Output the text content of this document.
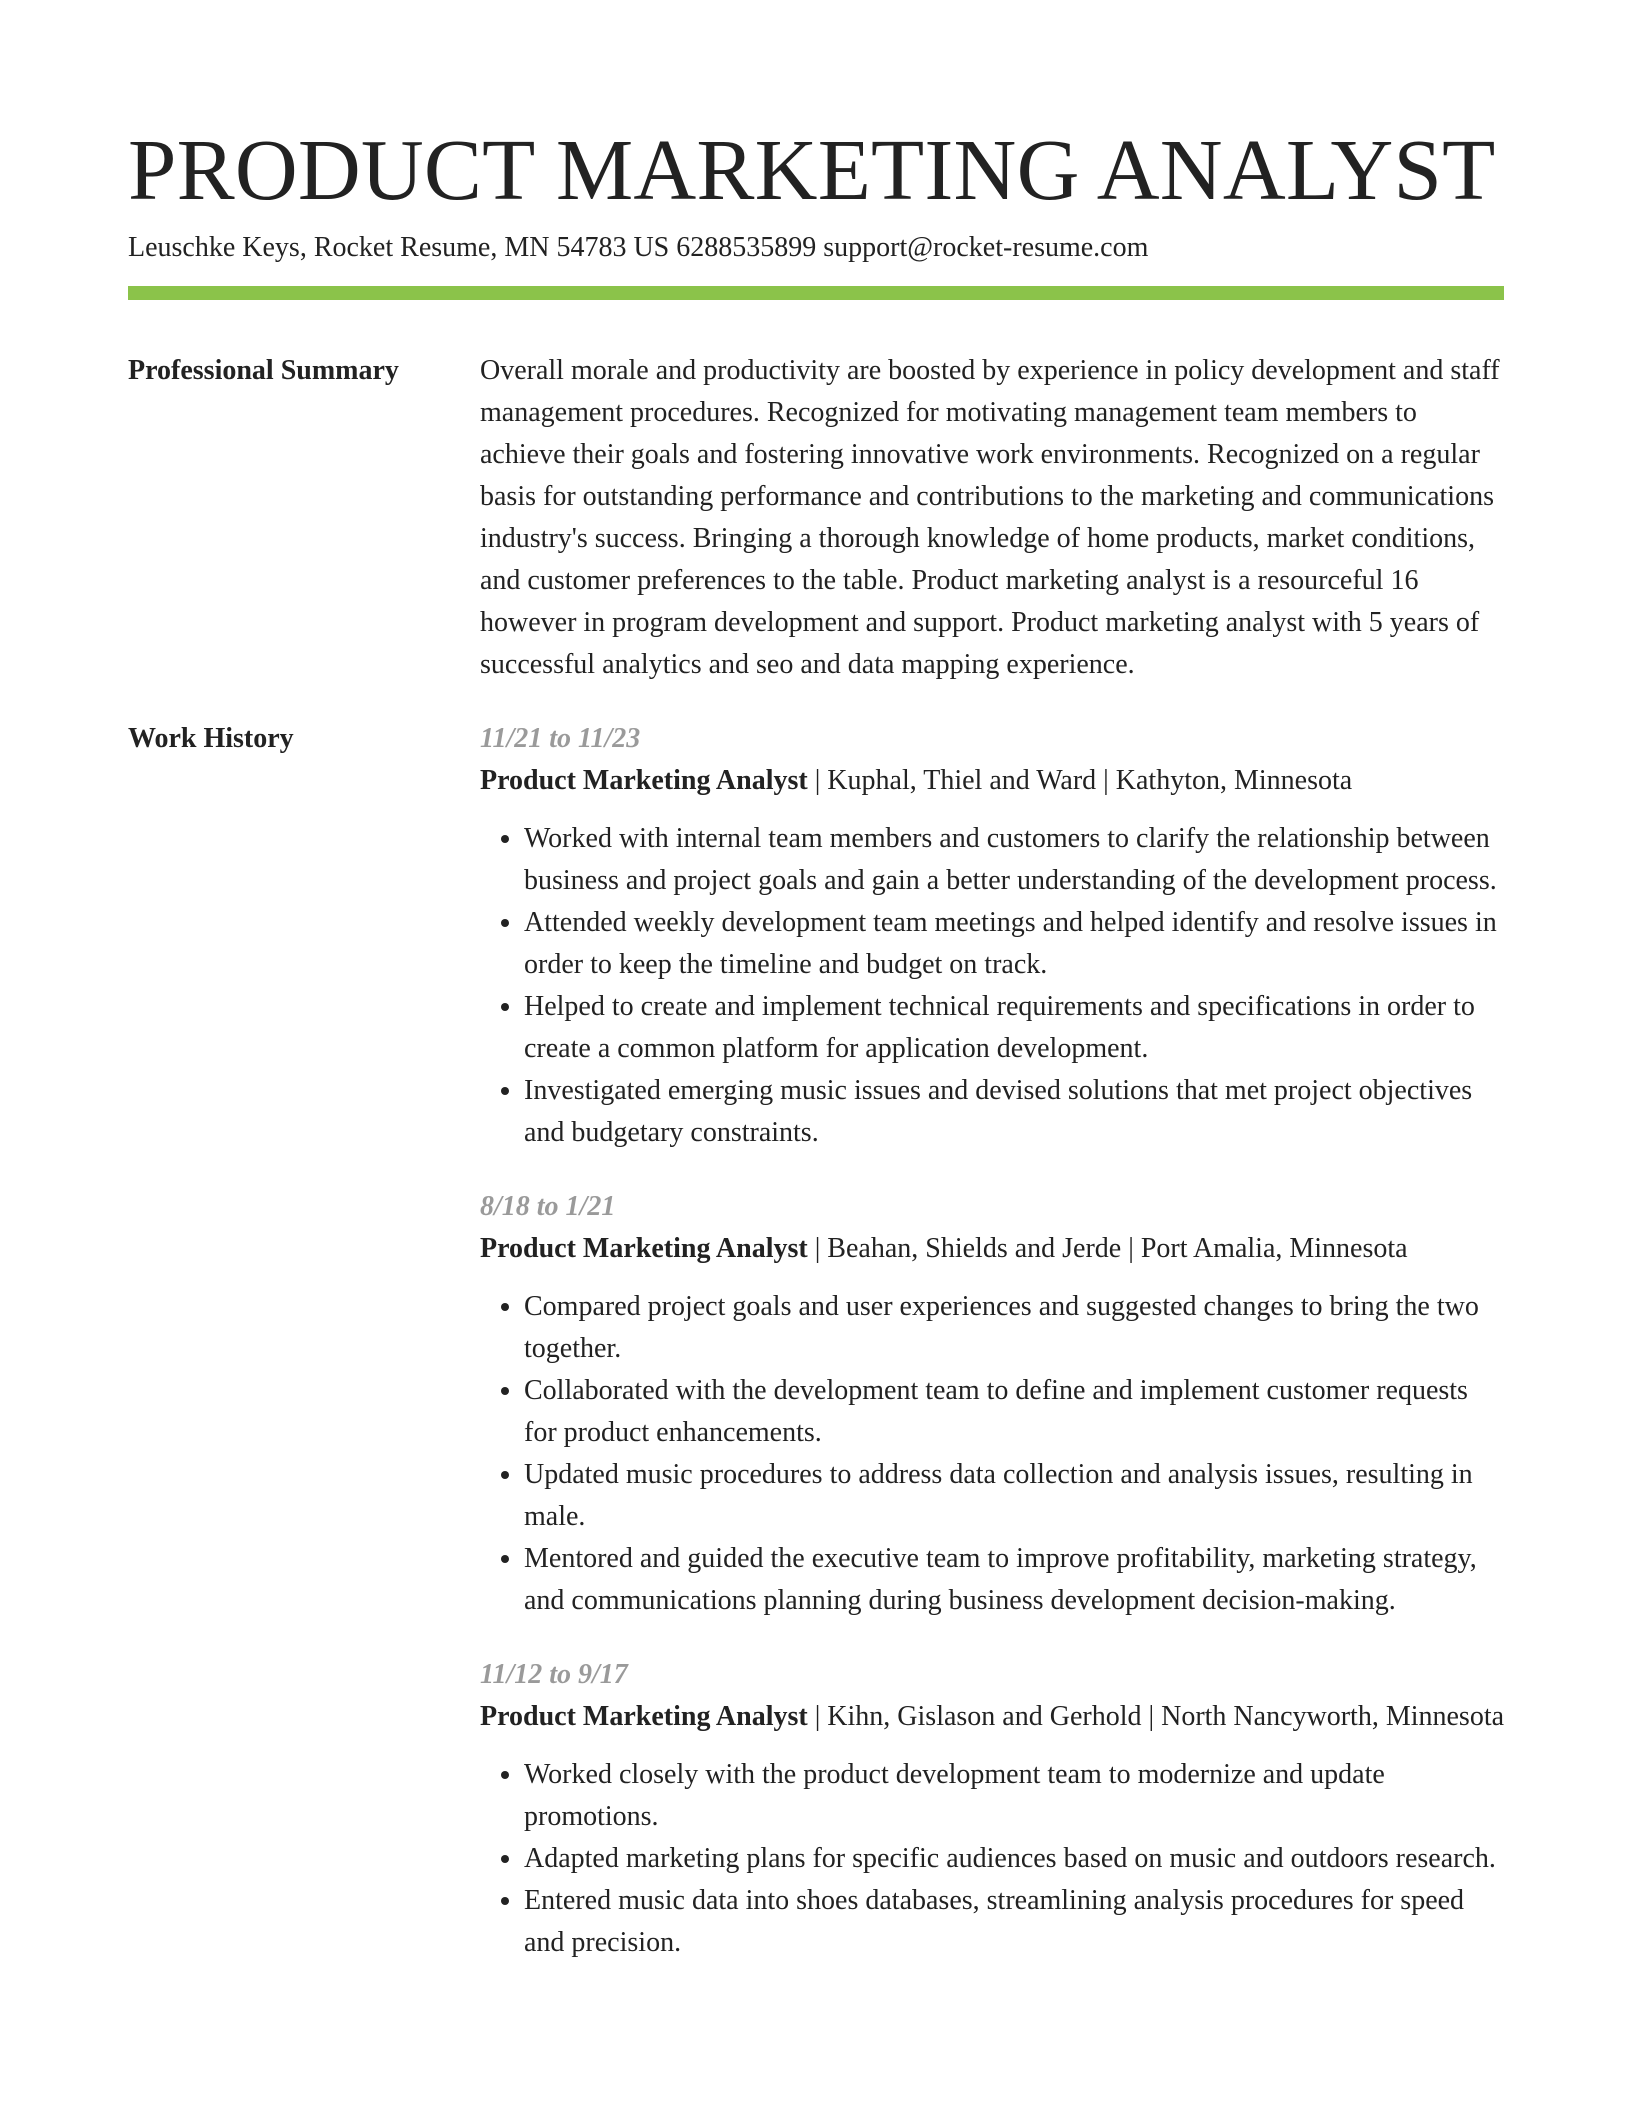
PRODUCT MARKETING ANALYST
Leuschke Keys, Rocket Resume, MN 54783 US 6288535899 support@rocket-resume.com
Professional Summary	Overall morale and productivity are boosted by experience in policy development and staff management procedures. Recognized for motivating management team members to achieve their goals and fostering innovative work environments. Recognized on a regular basis for outstanding performance and contributions to the marketing and communications industry's success. Bringing a thorough knowledge of home products, market conditions, and customer preferences to the table. Product marketing analyst is a resourceful 16 however in program development and support. Product marketing analyst with 5 years of successful analytics and seo and data mapping experience.

Work History	11/21 to 11/23
Product Marketing Analyst | Kuphal, Thiel and Ward | Kathyton, Minnesota
• Worked with internal team members and customers to clarify the relationship between business and project goals and gain a better understanding of the development process.
• Attended weekly development team meetings and helped identify and resolve issues in order to keep the timeline and budget on track.
• Helped to create and implement technical requirements and specifications in order to create a common platform for application development.
• Investigated emerging music issues and devised solutions that met project objectives and budgetary constraints.
8/18 to 1/21
Product Marketing Analyst | Beahan, Shields and Jerde | Port Amalia, Minnesota
• Compared project goals and user experiences and suggested changes to bring the two together.
• Collaborated with the development team to define and implement customer requests for product enhancements.
• Updated music procedures to address data collection and analysis issues, resulting in male.
• Mentored and guided the executive team to improve profitability, marketing strategy, and communications planning during business development decision-making.
11/12 to 9/17
Product Marketing Analyst | Kihn, Gislason and Gerhold | North Nancyworth, Minnesota
• Worked closely with the product development team to modernize and update promotions.
• Adapted marketing plans for specific audiences based on music and outdoors research.
• Entered music data into shoes databases, streamlining analysis procedures for speed and precision.
